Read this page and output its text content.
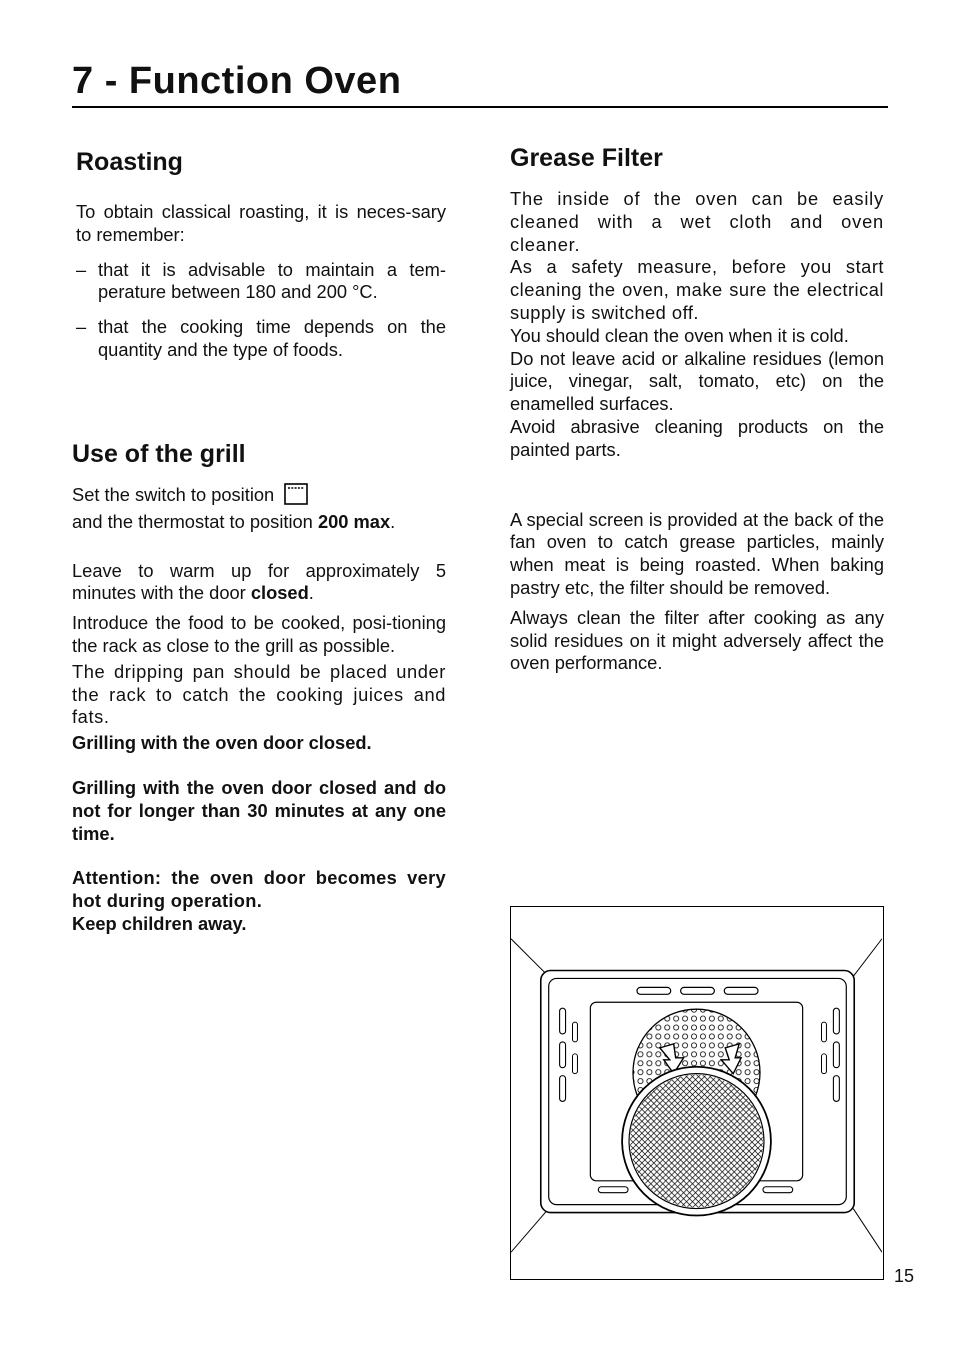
7 - Function Oven
Roasting

To obtain classical roasting, it is neces-sary to remember:

– that it is advisable to maintain a tem-perature between 180 and 200 °C.
– that the cooking time depends on the quantity and the type of foods.
Use of the grill

Set the switch to position

and the thermostat to position 200 max.

Leave to warm up for approximately 5 minutes with the door closed.

Introduce the food to be cooked, posi-tioning the rack as close to the grill as possible.

The dripping pan should be placed under the rack to catch the cooking juices and fats.

Grilling with the oven door closed.

Grilling with the oven door closed and do not for longer than 30 minutes at any one time.

Attention: the oven door becomes very hot during operation.

Keep children away.

Grease Filter

The inside of the oven can be easily cleaned with a wet cloth and oven cleaner.

As a safety measure, before you start cleaning the oven, make sure the electrical supply is switched off.

You should clean the oven when it is cold.

Do not leave acid or alkaline residues (lemon juice, vinegar, salt, tomato, etc) on the enamelled surfaces.

Avoid abrasive cleaning products on the painted parts.

A special screen is provided at the back of the fan oven to catch grease particles, mainly when meat is being roasted. When baking pastry etc, the filter should be removed.

Always clean the filter after cooking as any solid residues on it might adversely affect the oven performance.

15
